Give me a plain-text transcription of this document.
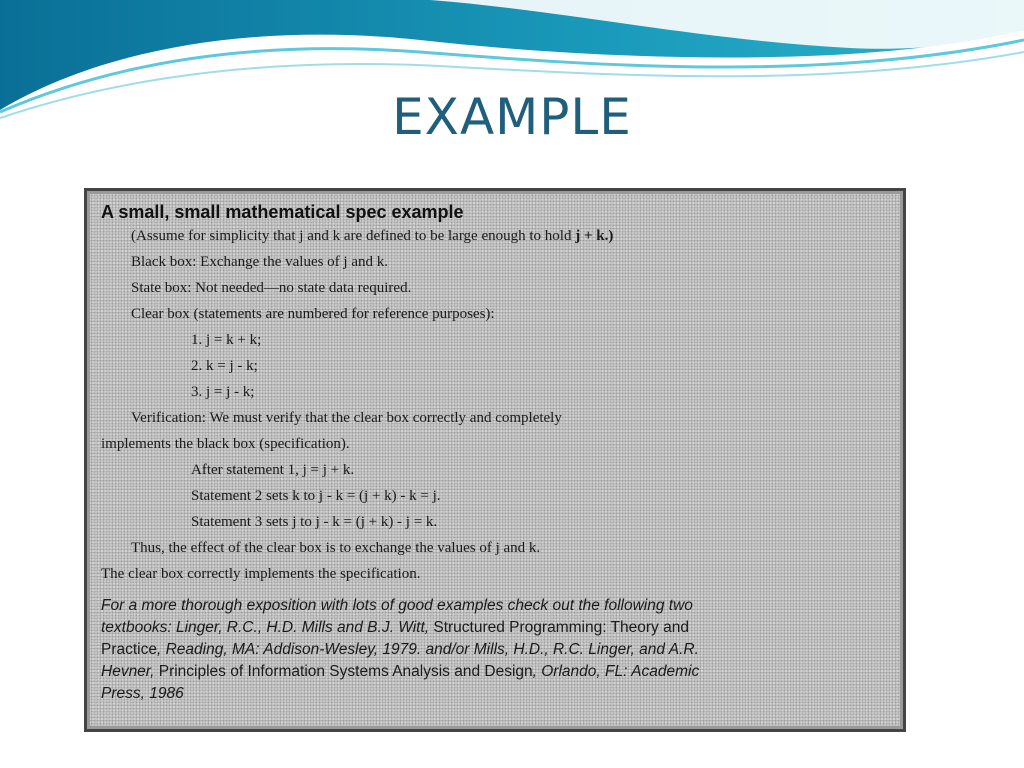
EXAMPLE
A small, small mathematical spec example
(Assume for simplicity that j and k are defined to be large enough to hold j + k.)
Black box: Exchange the values of j and k.
State box: Not needed—no state data required.
Clear box (statements are numbered for reference purposes):
1. j = k + k;
2. k = j - k;
3. j = j - k;
Verification: We must verify that the clear box correctly and completely
implements the black box (specification).
After statement 1, j = j + k.
Statement 2 sets k to j - k = (j + k) - k = j.
Statement 3 sets j to j - k = (j + k) - j = k.
Thus, the effect of the clear box is to exchange the values of j and k.
The clear box correctly implements the specification.

For a more thorough exposition with lots of good examples check out the following two

textbooks: Linger, R.C., H.D. Mills and B.J. Witt, Structured Programming: Theory and

Practice, Reading, MA: Addison-Wesley, 1979. and/or Mills, H.D., R.C. Linger, and A.R.

Hevner, Principles of Information Systems Analysis and Design, Orlando, FL: Academic

Press, 1986
